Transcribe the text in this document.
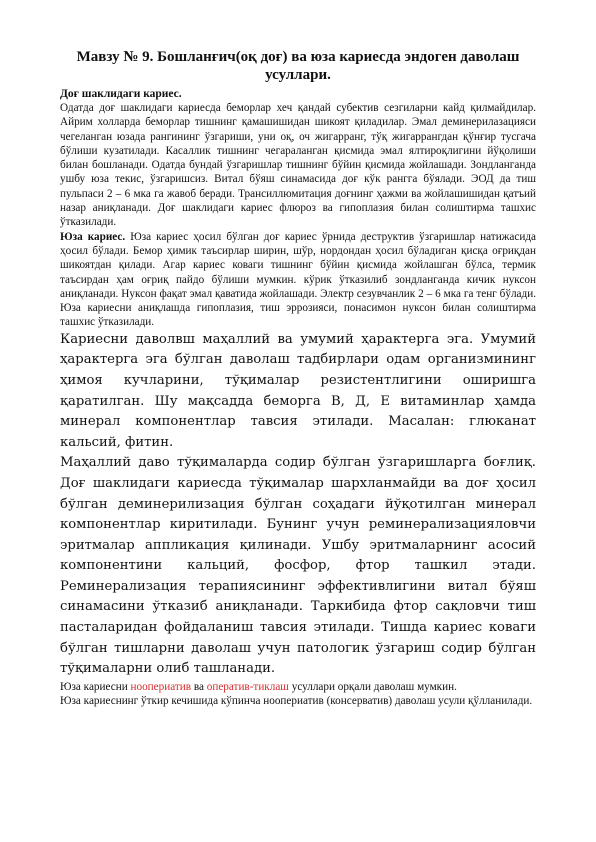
Мавзу № 9. Бошланғич(оқ доғ) ва юза кариесда эндоген даволаш усуллари.
Доғ шаклидаги кариес.

Одатда доғ шаклидаги кариесда беморлар хеч қандай субектив сезгиларни кайд қилмайдилар. Айрим холларда беморлар тишнинг қамашишидан шикоят қиладилар. Эмал деминерилазацияси чегеланган юзада рангининг ўзгариши, уни оқ, оч жигарранг, тўқ жигаррангдан қўнғир тусгача бўлиши кузатилади. Касаллик тишнинг чегараланган қисмида эмал ялтироқлигини йўқолиши билан бошланади. Одатда бундай ўзгаришлар тишнинг бўйин қисмида жойлашади. Зондланганда ушбу юза текис, ўзгаришсиз. Витал бўяш синамасида доғ кўк рангга бўялади. ЭОД да тиш пульпаси 2 – 6 мка га жавоб беради. Трансиллюмитация доғнинг ҳажми ва жойлашишидан қатъий назар аниқланади. Доғ шаклидаги кариес флюроз ва гипоплазия билан солиштирма ташхис ўтказилади.

Юза кариес. Юза кариес ҳосил бўлган доғ кариес ўрнида деструктив ўзгаришлар натижасида ҳосил бўлади. Бемор ҳимик таъсирлар ширин, шўр, нордондан ҳосил бўладиган қисқа оғриқдан шикоятдан қилади. Агар кариес коваги тишнинг бўйин қисмида жойлашган бўлса, термик таъсирдан ҳам оғриқ пайдо бўлиши мумкин. кўрик ўтказилиб зондланганда кичик нуксон аниқланади. Нуксон фақат эмал қаватида жойлашади. Электр сезувчанлик 2 – 6 мка га тенг бўлади. Юза кариесни аниқлашда гипоплазия, тиш эррозияси, понасимон нуксон билан солиштирма ташхис ўтказилади.

Кариесни даволвш маҳаллий ва умумий ҳарактерга эга. Умумий ҳарактерга эга бўлган даволаш тадбирлари одам организмининг ҳимоя кучларини, тўқималар резистентлигини оширишга қаратилган. Шу мақсадда беморга В, Д, Е витаминлар ҳамда минерал компонентлар тавсия этилади. Масалан: глюканат кальсий, фитин.

Маҳаллий даво тўқималарда содир бўлган ўзгаришларга боғлиқ. Доғ шаклидаги кариесда тўқималар шархланмайди ва доғ ҳосил бўлган деминерилизация бўлган соҳадаги йўқотилган минерал компонентлар киритилади. Бунинг учун реминерализацияловчи эритмалар аппликация қилинади. Ушбу эритмаларнинг асосий компонентини кальций, фосфор, фтор ташкил этади. Реминерализация терапиясининг эффективлигини витал бўяш синамасини ўтказиб аниқланади. Таркибида фтор сақловчи тиш пасталаридан фойдаланиш тавсия этилади. Тишда кариес коваги бўлган тишларни даволаш учун патологик ўзгариш содир бўлган тўқималарни олиб ташланади.

Юза кариесни ноопериатив ва оператив-тиклаш усуллари орқали даволаш мумкин.

Юза кариеснинг ўткир кечишида кўпинча ноопериатив (консерватив) даволаш усули қўлланилади.
